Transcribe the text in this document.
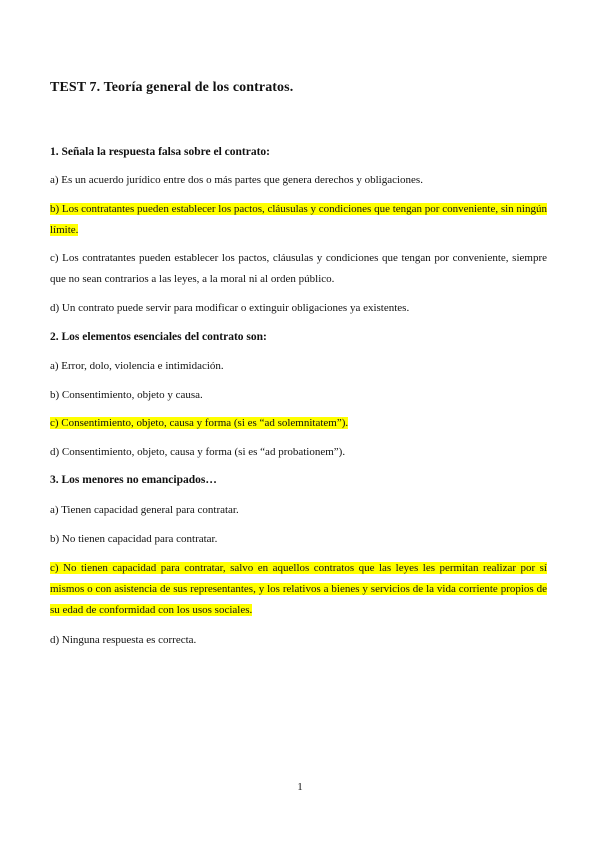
TEST 7. Teoría general de los contratos.
1. Señala la respuesta falsa sobre el contrato:
a) Es un acuerdo jurídico entre dos o más partes que genera derechos y obligaciones.
b) Los contratantes pueden establecer los pactos, cláusulas y condiciones que tengan por conveniente, sin ningún límite.
c) Los contratantes pueden establecer los pactos, cláusulas y condiciones que tengan por conveniente, siempre que no sean contrarios a las leyes, a la moral ni al orden público.
d) Un contrato puede servir para modificar o extinguir obligaciones ya existentes.
2. Los elementos esenciales del contrato son:
a) Error, dolo, violencia e intimidación.
b) Consentimiento, objeto y causa.
c) Consentimiento, objeto, causa y forma (si es “ad solemnitatem”).
d) Consentimiento, objeto, causa y forma (si es “ad probationem”).
3. Los menores no emancipados…
a) Tienen capacidad general para contratar.
b) No tienen capacidad para contratar.
c) No tienen capacidad para contratar, salvo en aquellos contratos que las leyes les permitan realizar por sí mismos o con asistencia de sus representantes, y los relativos a bienes y servicios de la vida corriente propios de su edad de conformidad con los usos sociales.
d) Ninguna respuesta es correcta.
1
